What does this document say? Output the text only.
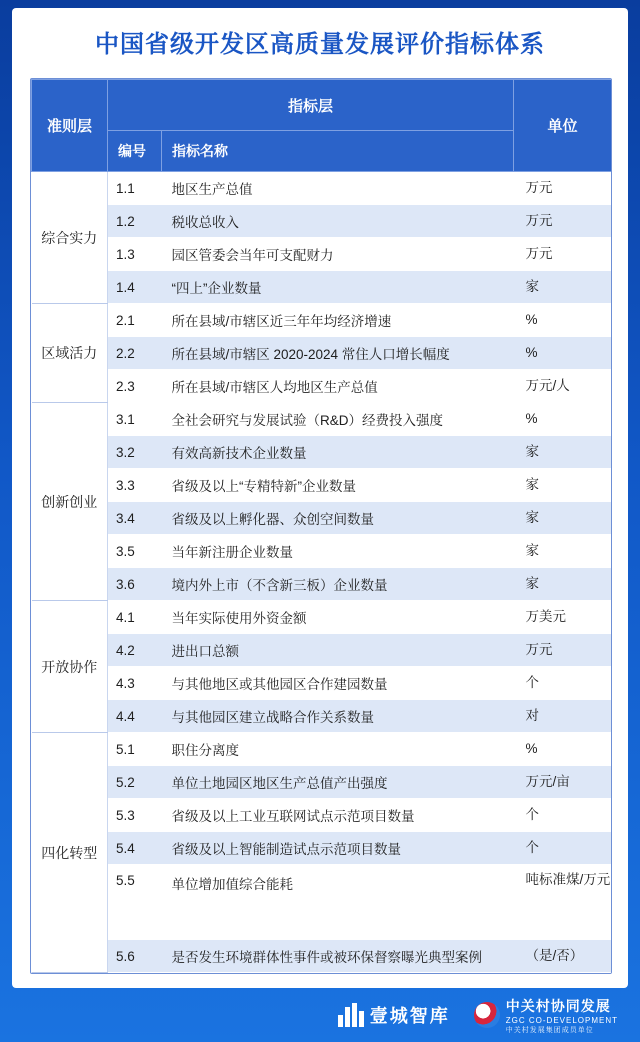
中国省级开发区高质量发展评价指标体系
准则层	指标层		单位
	编号	指标名称	
综合实力	1.1	地区生产总值	万元
	1.2	税收总收入	万元
	1.3	园区管委会当年可支配财力	万元
	1.4	“四上”企业数量	家
区域活力	2.1	所在县域/市辖区近三年年均经济增速	%
	2.2	所在县域/市辖区 2020-2024 常住人口增长幅度	%
	2.3	所在县域/市辖区人均地区生产总值	万元/人
创新创业	3.1	全社会研究与发展试验（R&D）经费投入强度	%
	3.2	有效高新技术企业数量	家
	3.3	省级及以上“专精特新”企业数量	家
	3.4	省级及以上孵化器、众创空间数量	家
	3.5	当年新注册企业数量	家
	3.6	境内外上市（不含新三板）企业数量	家
开放协作	4.1	当年实际使用外资金额	万美元
	4.2	进出口总额	万元
	4.3	与其他地区或其他园区合作建园数量	个
	4.4	与其他园区建立战略合作关系数量	对
四化转型	5.1	职住分离度	%
	5.2	单位土地园区地区生产总值产出强度	万元/亩
	5.3	省级及以上工业互联网试点示范项目数量	个
	5.4	省级及以上智能制造试点示范项目数量	个
	5.5	单位增加值综合能耗	吨标准煤/万元
	5.6	是否发生环境群体性事件或被环保督察曝光典型案例	（是/否）
壹城智库
中关村协同发展
ZGC CO-DEVELOPMENT
中关村发展集团成员单位
